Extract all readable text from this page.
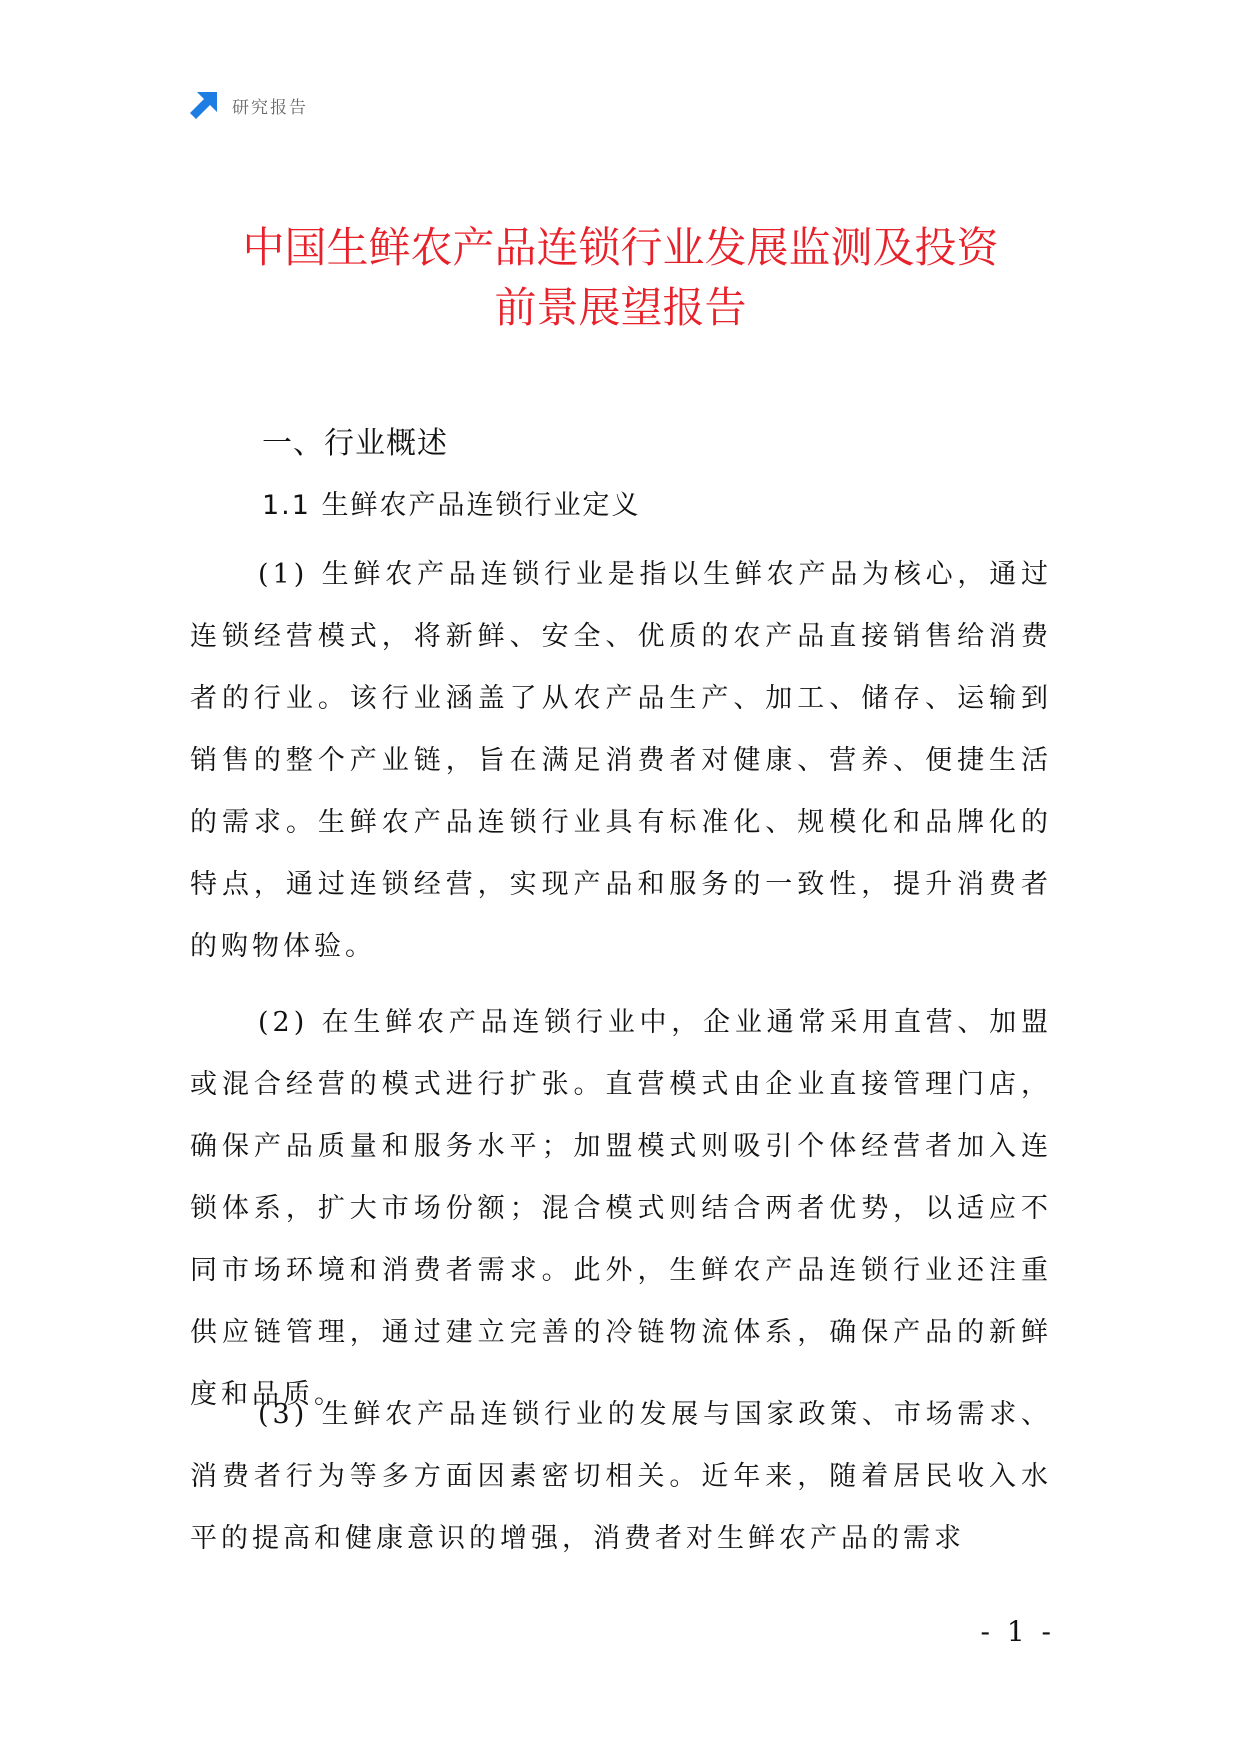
研究报告
中国生鲜农产品连锁行业发展监测及投资
前景展望报告
一、行业概述
1.1 生鲜农产品连锁行业定义

(1) 生鲜农产品连锁行业是指以生鲜农产品为核心，通过连锁经营模式，将新鲜、安全、优质的农产品直接销售给消费者的行业。该行业涵盖了从农产品生产、加工、储存、运输到销售的整个产业链，旨在满足消费者对健康、营养、便捷生活的需求。生鲜农产品连锁行业具有标准化、规模化和品牌化的特点，通过连锁经营，实现产品和服务的一致性，提升消费者的购物体验。

(2) 在生鲜农产品连锁行业中，企业通常采用直营、加盟或混合经营的模式进行扩张。直营模式由企业直接管理门店，确保产品质量和服务水平；加盟模式则吸引个体经营者加入连锁体系，扩大市场份额；混合模式则结合两者优势，以适应不同市场环境和消费者需求。此外，生鲜农产品连锁行业还注重供应链管理，通过建立完善的冷链物流体系，确保产品的新鲜度和品质。

(3) 生鲜农产品连锁行业的发展与国家政策、市场需求、消费者行为等多方面因素密切相关。近年来，随着居民收入水平的提高和健康意识的增强，消费者对生鲜农产品的需求

- 1 -
